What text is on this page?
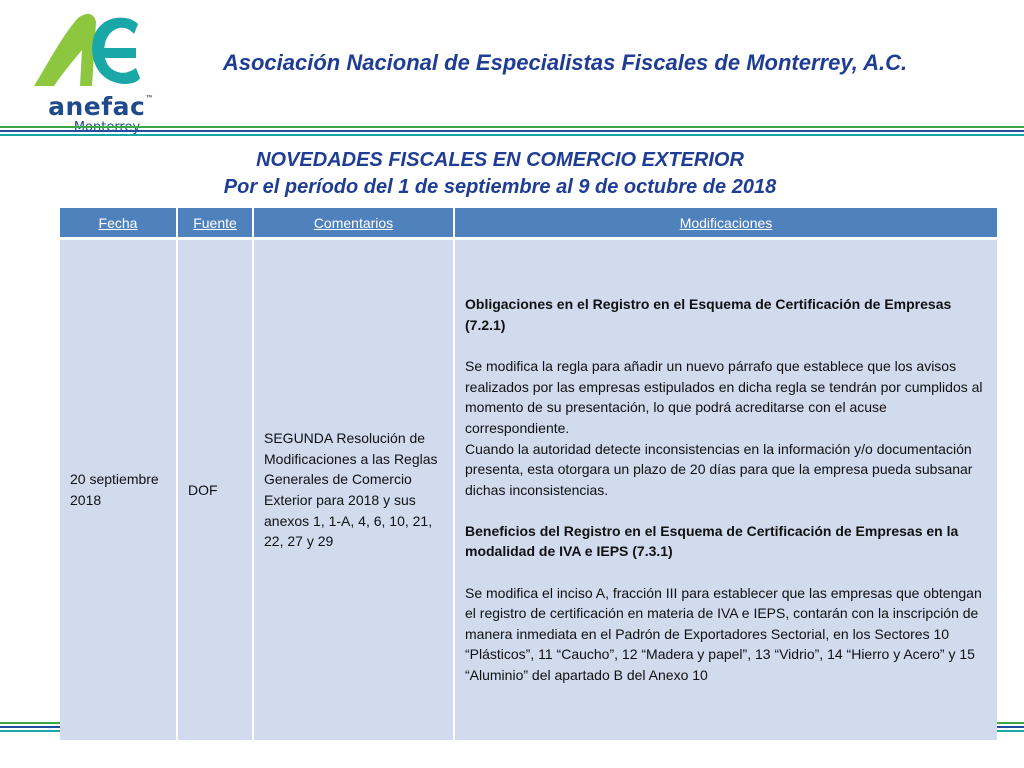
anefac™
Asociación Nacional de Especialistas Fiscales de Monterrey, A.C.
NOVEDADES FISCALES EN COMERCIO EXTERIOR
Por el período del 1 de septiembre al 9 de octubre de 2018
Fecha	Fuente	Comentarios	Modificaciones
20 septiembre 2018	DOF	SEGUNDA Resolución de Modificaciones a las Reglas Generales de Comercio Exterior para 2018 y sus anexos 1, 1-A, 4, 6, 10, 21, 22, 27 y 29	Obligaciones en el Registro en el Esquema de Certificación de Empresas (7.2.1)

Se modifica la regla para añadir un nuevo párrafo que establece que los avisos realizados por las empresas estipulados en dicha regla se tendrán por cumplidos al momento de su presentación, lo que podrá acreditarse con el acuse correspondiente.

Cuando la autoridad detecte inconsistencias en la información y/o documentación presenta, esta otorgara un plazo de 20 días para que la empresa pueda subsanar dichas inconsistencias.

Beneficios del Registro en el Esquema de Certificación de Empresas en la modalidad de IVA e IEPS (7.3.1)

Se modifica el inciso A, fracción III para establecer que las empresas que obtengan el registro de certificación en materia de IVA e IEPS, contarán con la inscripción de manera inmediata en el Padrón de Exportadores Sectorial, en los Sectores 10 “Plásticos”, 11 “Caucho”, 12 “Madera y papel”, 13 “Vidrio”, 14 “Hierro y Acero” y 15 “Aluminio” del apartado B del Anexo 10
